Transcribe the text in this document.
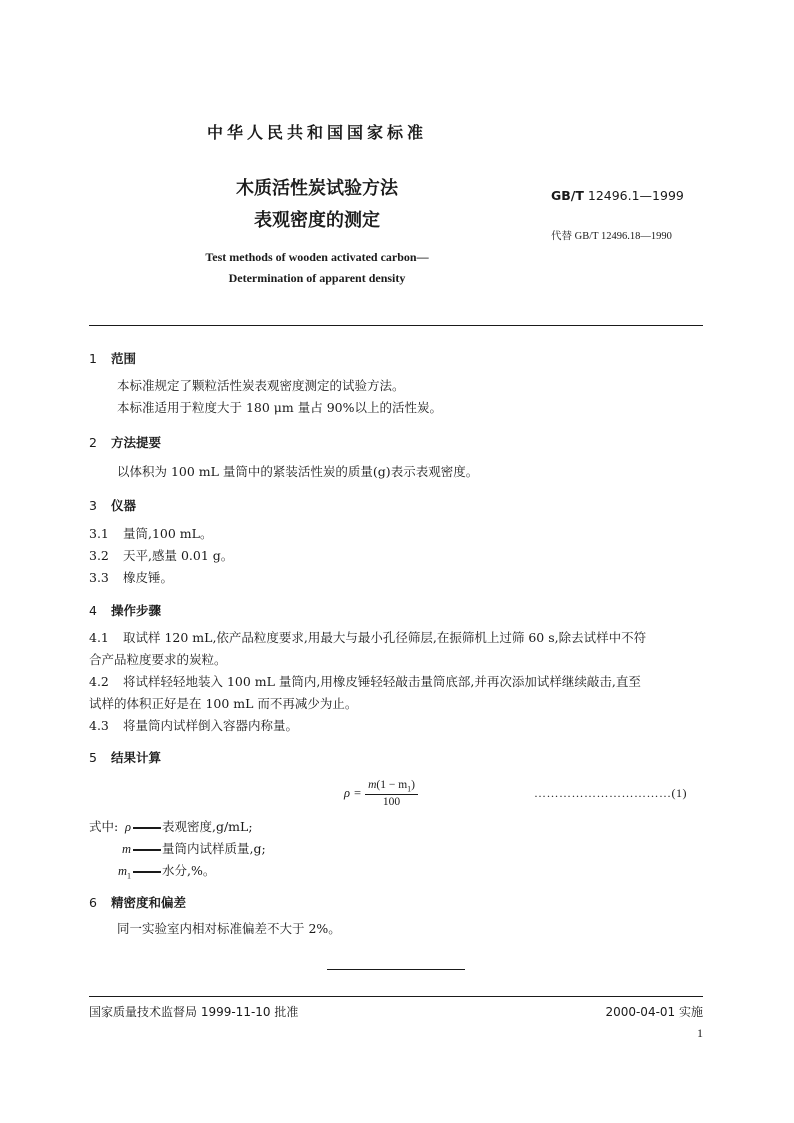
中华人民共和国国家标准
木质活性炭试验方法
表观密度的测定
Test methods of wooden activated carbon—
Determination of apparent density
GB/T 12496.1—1999
代替 GB/T 12496.18—1990
1 范围
本标准规定了颗粒活性炭表观密度测定的试验方法。
本标准适用于粒度大于 180 μm 量占 90%以上的活性炭。
2 方法提要
以体积为 100 mL 量筒中的紧装活性炭的质量(g)表示表观密度。
3 仪器
3.1 量筒,100 mL。
3.2 天平,感量 0.01 g。
3.3 橡皮锤。
4 操作步骤
4.1 取试样 120 mL,依产品粒度要求,用最大与最小孔径筛层,在振筛机上过筛 60 s,除去试样中不符
合产品粒度要求的炭粒。
4.2 将试样轻轻地装入 100 mL 量筒内,用橡皮锤轻轻敲击量筒底部,并再次添加试样继续敲击,直至
试样的体积正好是在 100 mL 而不再减少为止。
4.3 将量筒内试样倒入容器内称量。
5 结果计算
$\rho = \frac{m(1 - m_1)}{100}$	……………………………(1)
式中: ρ 表观密度,g/mL;
m 量筒内试样质量,g;
$m_1$ 水分,%。
6 精密度和偏差
同一实验室内相对标准偏差不大于 2%。
国家质量技术监督局 1999-11-10 批准	2000-04-01 实施
1
